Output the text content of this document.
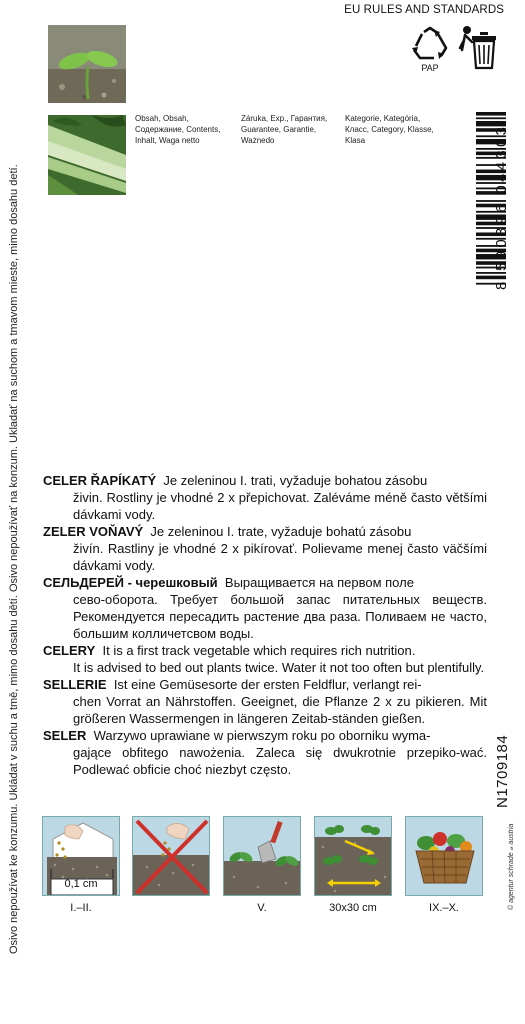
Osivo nepoužívat ke konzumu. Ukládat v suchu a tmě, mimo dosahu dětí. Osivo nepoužívať na konzum. Ukladať na suchom a tmavom mieste, mimo dosahu detí.
EU RULES AND STANDARDS
PAP
Obsah, Obsah, Содержание, Contents, Inhalt, Waga netto
Záruka, Exp., Гарантия, Guarantee, Garantie, Ważnedo
Kategorie, Kategória, Класс, Category, Klasse, Klasa	8 590396 044303

CELER ŘAPÍKATÝ Je zeleninou I. trati, vyžaduje bohatou zásobu
živin. Rostliny je vhodné 2 x přepichovat. Zaléváme méně často většími dávkami vody.

ZELER VOŇAVÝ Je zeleninou I. trate, vyžaduje bohatú zásobu
živín. Rastliny je vhodné 2 x pikírovať. Polievame menej často väčšími dávkami vody.

СЕЛЬДЕРЕЙ - черешковый Выращивается на первом поле
сево-оборота. Требует большой запас питательных веществ. Рекомендуется пересадить растение два раза. Поливаем не часто, большим колличетсвом воды.

CELERY It is a first track vegetable which requires rich nutrition.
It is advised to bed out plants twice. Water it not too often but plentifully.

SELLERIE Ist eine Gemüsesorte der ersten Feldflur, verlangt rei-
chen Vorrat an Nährstoffen. Geeignet, die Pflanze 2 x zu pikieren. Mit größeren Wassermengen in längeren Zeitab-ständen gießen.

SELER Warzywo uprawiane w pierwszym roku po oborniku wyma-
gające obfitego nawożenia. Zaleca się dwukrotnie przepiko-wać. Podlewać obficie choć niezbyt często.

0,1 cm
I.–II.	V.	30x30 cm	IX.–X.
N1709184
© agentur schrade 𝒶 austria
